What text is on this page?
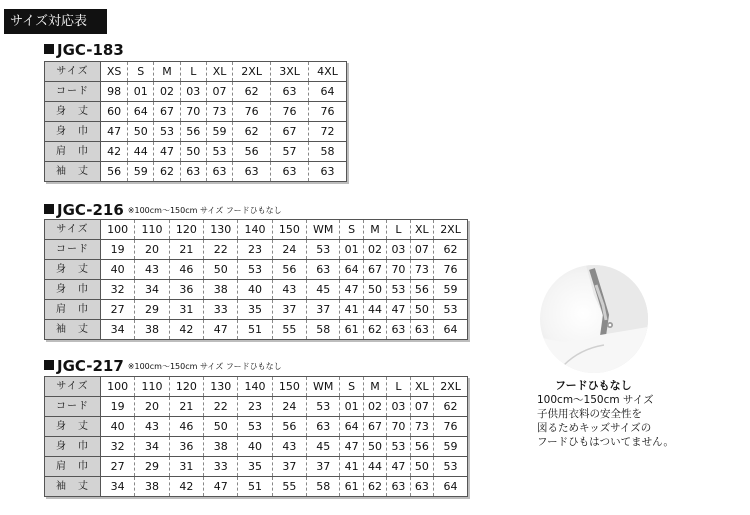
サイズ対応表
JGC-183
サイズ	XS	S	M	L	XL	2XL	3XL	4XL
コード	98	01	02	03	07	62	63	64
身　丈	60	64	67	70	73	76	76	76
身　巾	47	50	53	56	59	62	67	72
肩　巾	42	44	47	50	53	56	57	58
袖　丈	56	59	62	63	63	63	63	63
JGC-216 ※100cm～150cm サイズ フードひもなし
サイズ	100	110	120	130	140	150	WM	S	M	L	XL	2XL
コード	19	20	21	22	23	24	53	01	02	03	07	62
身　丈	40	43	46	50	53	56	63	64	67	70	73	76
身　巾	32	34	36	38	40	43	45	47	50	53	56	59
肩　巾	27	29	31	33	35	37	37	41	44	47	50	53
袖　丈	34	38	42	47	51	55	58	61	62	63	63	64
JGC-217 ※100cm～150cm サイズ フードひもなし
サイズ	100	110	120	130	140	150	WM	S	M	L	XL	2XL
コード	19	20	21	22	23	24	53	01	02	03	07	62
身　丈	40	43	46	50	53	56	63	64	67	70	73	76
身　巾	32	34	36	38	40	43	45	47	50	53	56	59
肩　巾	27	29	31	33	35	37	37	41	44	47	50	53
袖　丈	34	38	42	47	51	55	58	61	62	63	63	64
フードひもなし
100cm～150cm サイズ
子供用衣料の安全性を
図るためキッズサイズの
フードひもはついてません。
